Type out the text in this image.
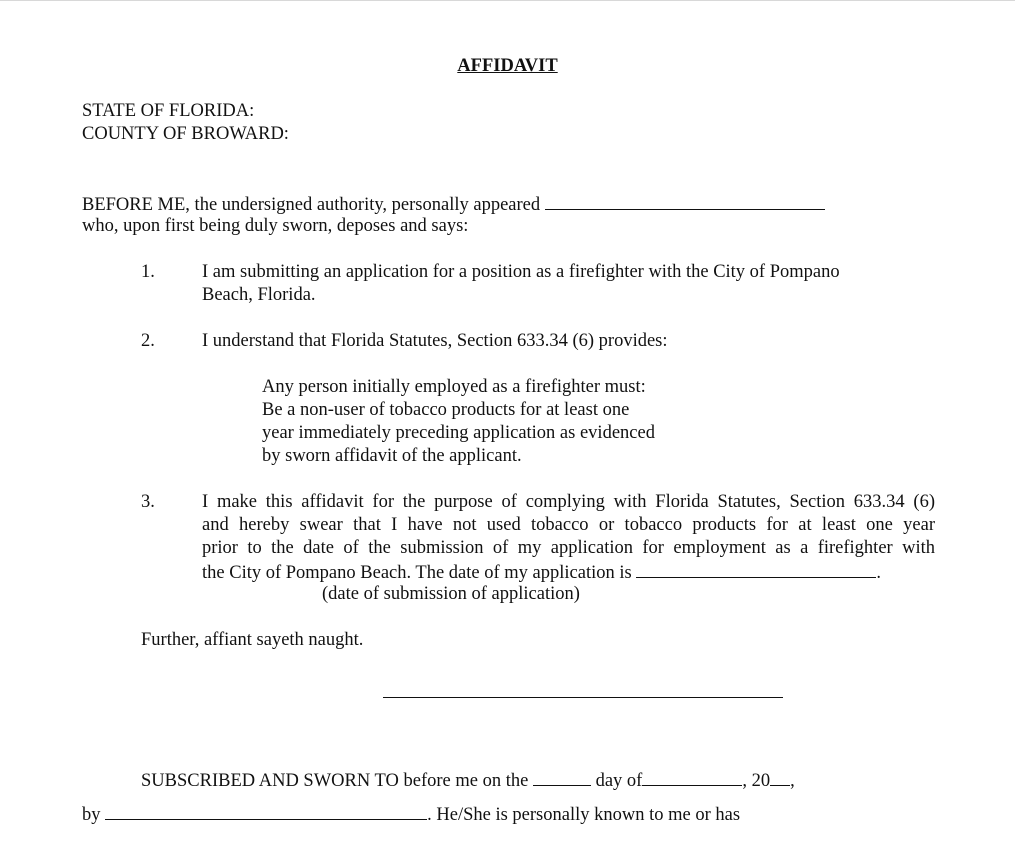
AFFIDAVIT
STATE OF FLORIDA:
COUNTY OF BROWARD:
BEFORE ME, the undersigned authority, personally appeared
who, upon first being duly sworn, deposes and says:
1.	I am submitting an application for a position as a firefighter with the City of Pompano
Beach, Florida.
2.	I understand that Florida Statutes, Section 633.34 (6) provides:
Any person initially employed as a firefighter must:
Be a non-user of tobacco products for at least one
year immediately preceding application as evidenced
by sworn affidavit of the applicant.
3.	I make this affidavit for the purpose of complying with Florida Statutes, Section 633.34 (6)
and hereby swear that I have not used tobacco or tobacco products for at least one year
prior to the date of the submission of my application for employment as a firefighter with
the City of Pompano Beach. The date of my application is	.
(date of submission of application)
Further, affiant sayeth naught.
SUBSCRIBED AND SWORN TO before me on the	day of	, 20 ,
by	. He/She is personally known to me or has
